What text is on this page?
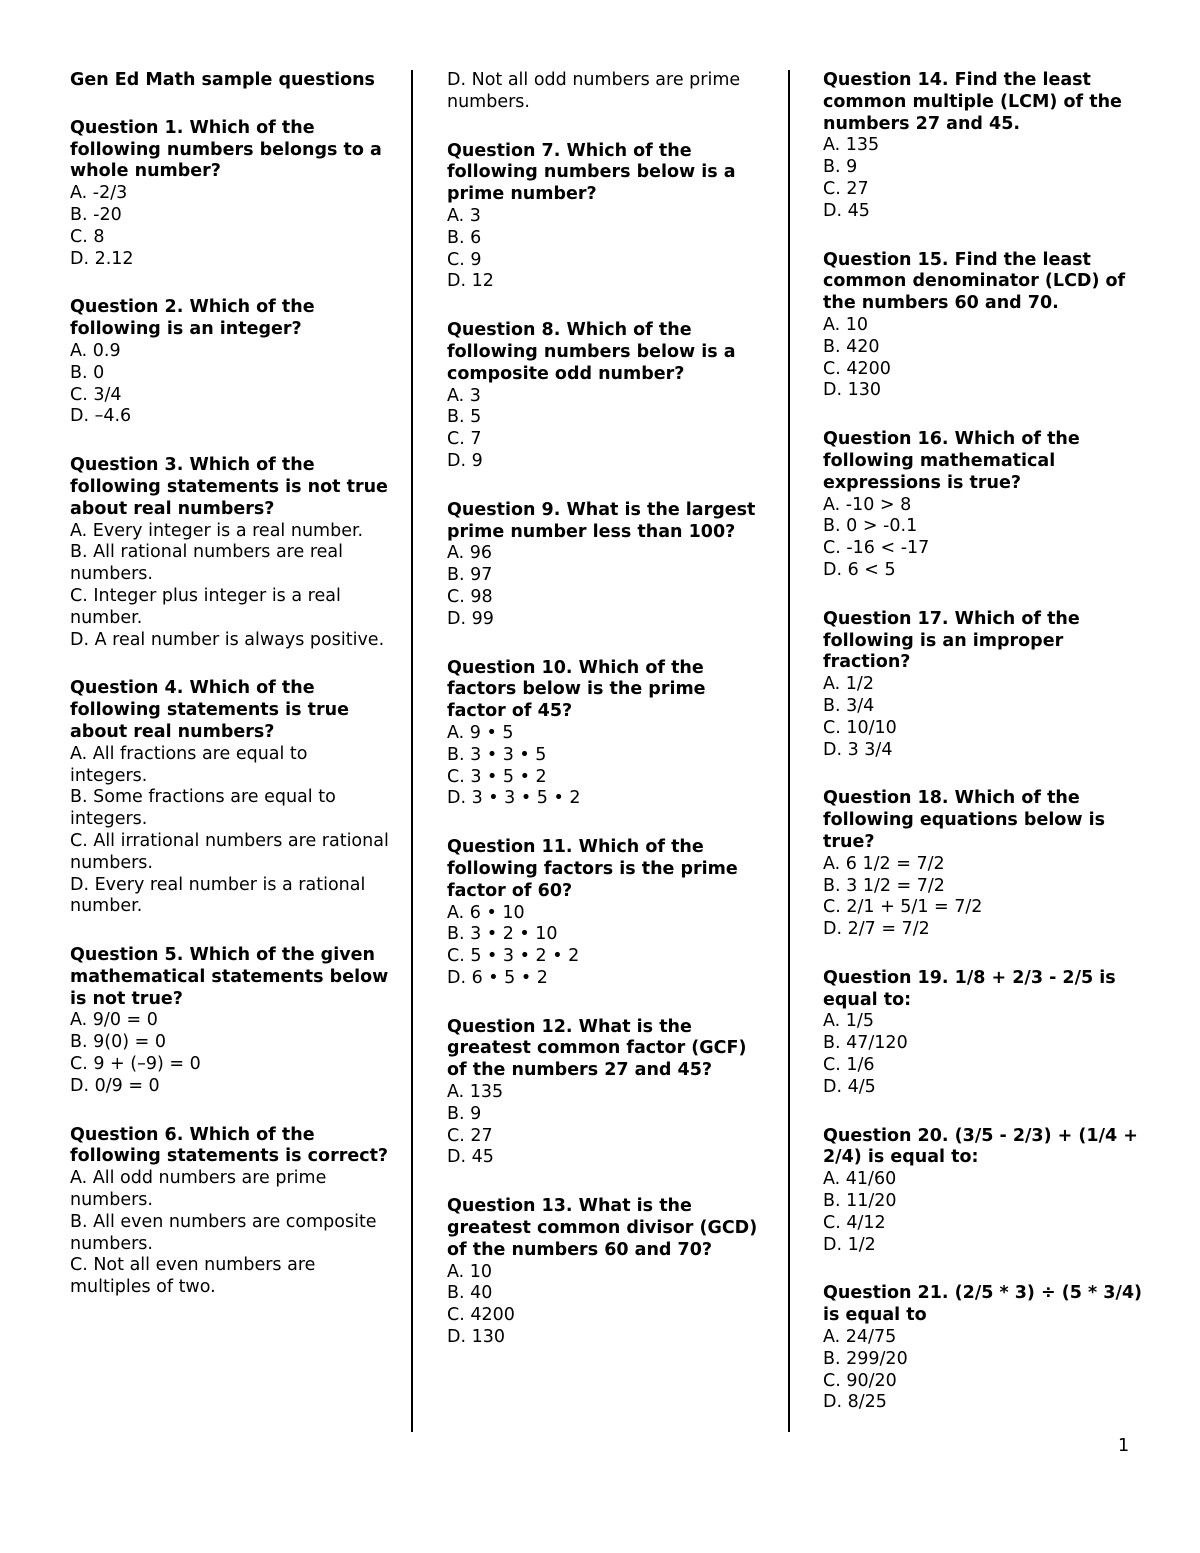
Gen Ed Math sample questions
Question 1. Which of the following numbers belongs to a whole number?
A. -2/3
B. -20
C. 8
D. 2.12
Question 2. Which of the following is an integer?
A. 0.9
B. 0
C. 3/4
D. –4.6
Question 3. Which of the following statements is not true about real numbers?
A. Every integer is a real number.
B. All rational numbers are real numbers.
C. Integer plus integer is a real number.
D. A real number is always positive.
Question 4. Which of the following statements is true about real numbers?
A. All fractions are equal to integers.
B. Some fractions are equal to integers.
C. All irrational numbers are rational numbers.
D. Every real number is a rational number.
Question 5. Which of the given mathematical statements below is not true?
A. 9/0 = 0
B. 9(0) = 0
C. 9 + (–9) = 0
D. 0/9 = 0
Question 6. Which of the following statements is correct?
A. All odd numbers are prime numbers.
B. All even numbers are composite numbers.
C. Not all even numbers are multiples of two.
D. Not all odd numbers are prime numbers.
Question 7. Which of the following numbers below is a prime number?
A. 3
B. 6
C. 9
D. 12
Question 8. Which of the following numbers below is a composite odd number?
A. 3
B. 5
C. 7
D. 9
Question 9. What is the largest prime number less than 100?
A. 96
B. 97
C. 98
D. 99
Question 10. Which of the factors below is the prime factor of 45?
A. 9 • 5
B. 3 • 3 • 5
C. 3 • 5 • 2
D. 3 • 3 • 5 • 2
Question 11. Which of the following factors is the prime factor of 60?
A. 6 • 10
B. 3 • 2 • 10
C. 5 • 3 • 2 • 2
D. 6 • 5 • 2
Question 12. What is the greatest common factor (GCF) of the numbers 27 and 45?
A. 135
B. 9
C. 27
D. 45
Question 13. What is the greatest common divisor (GCD) of the numbers 60 and 70?
A. 10
B. 40
C. 4200
D. 130
Question 14. Find the least common multiple (LCM) of the numbers 27 and 45.
A. 135
B. 9
C. 27
D. 45
Question 15. Find the least common denominator (LCD) of the numbers 60 and 70.
A. 10
B. 420
C. 4200
D. 130
Question 16. Which of the following mathematical expressions is true?
A. -10 > 8
B. 0 > -0.1
C. -16 < -17
D. 6 < 5
Question 17. Which of the following is an improper fraction?
A. 1/2
B. 3/4
C. 10/10
D. 3 3/4
Question 18. Which of the following equations below is true?
A. 6 1/2 = 7/2
B. 3 1/2 = 7/2
C. 2/1 + 5/1 = 7/2
D. 2/7 = 7/2
Question 19. 1/8 + 2/3 - 2/5 is equal to:
A. 1/5
B. 47/120
C. 1/6
D. 4/5
Question 20. (3/5 - 2/3) + (1/4 + 2/4) is equal to:
A. 41/60
B. 11/20
C. 4/12
D. 1/2
Question 21. (2/5 * 3) ÷ (5 * 3/4) is equal to
A. 24/75
B. 299/20
C. 90/20
D. 8/25
1
